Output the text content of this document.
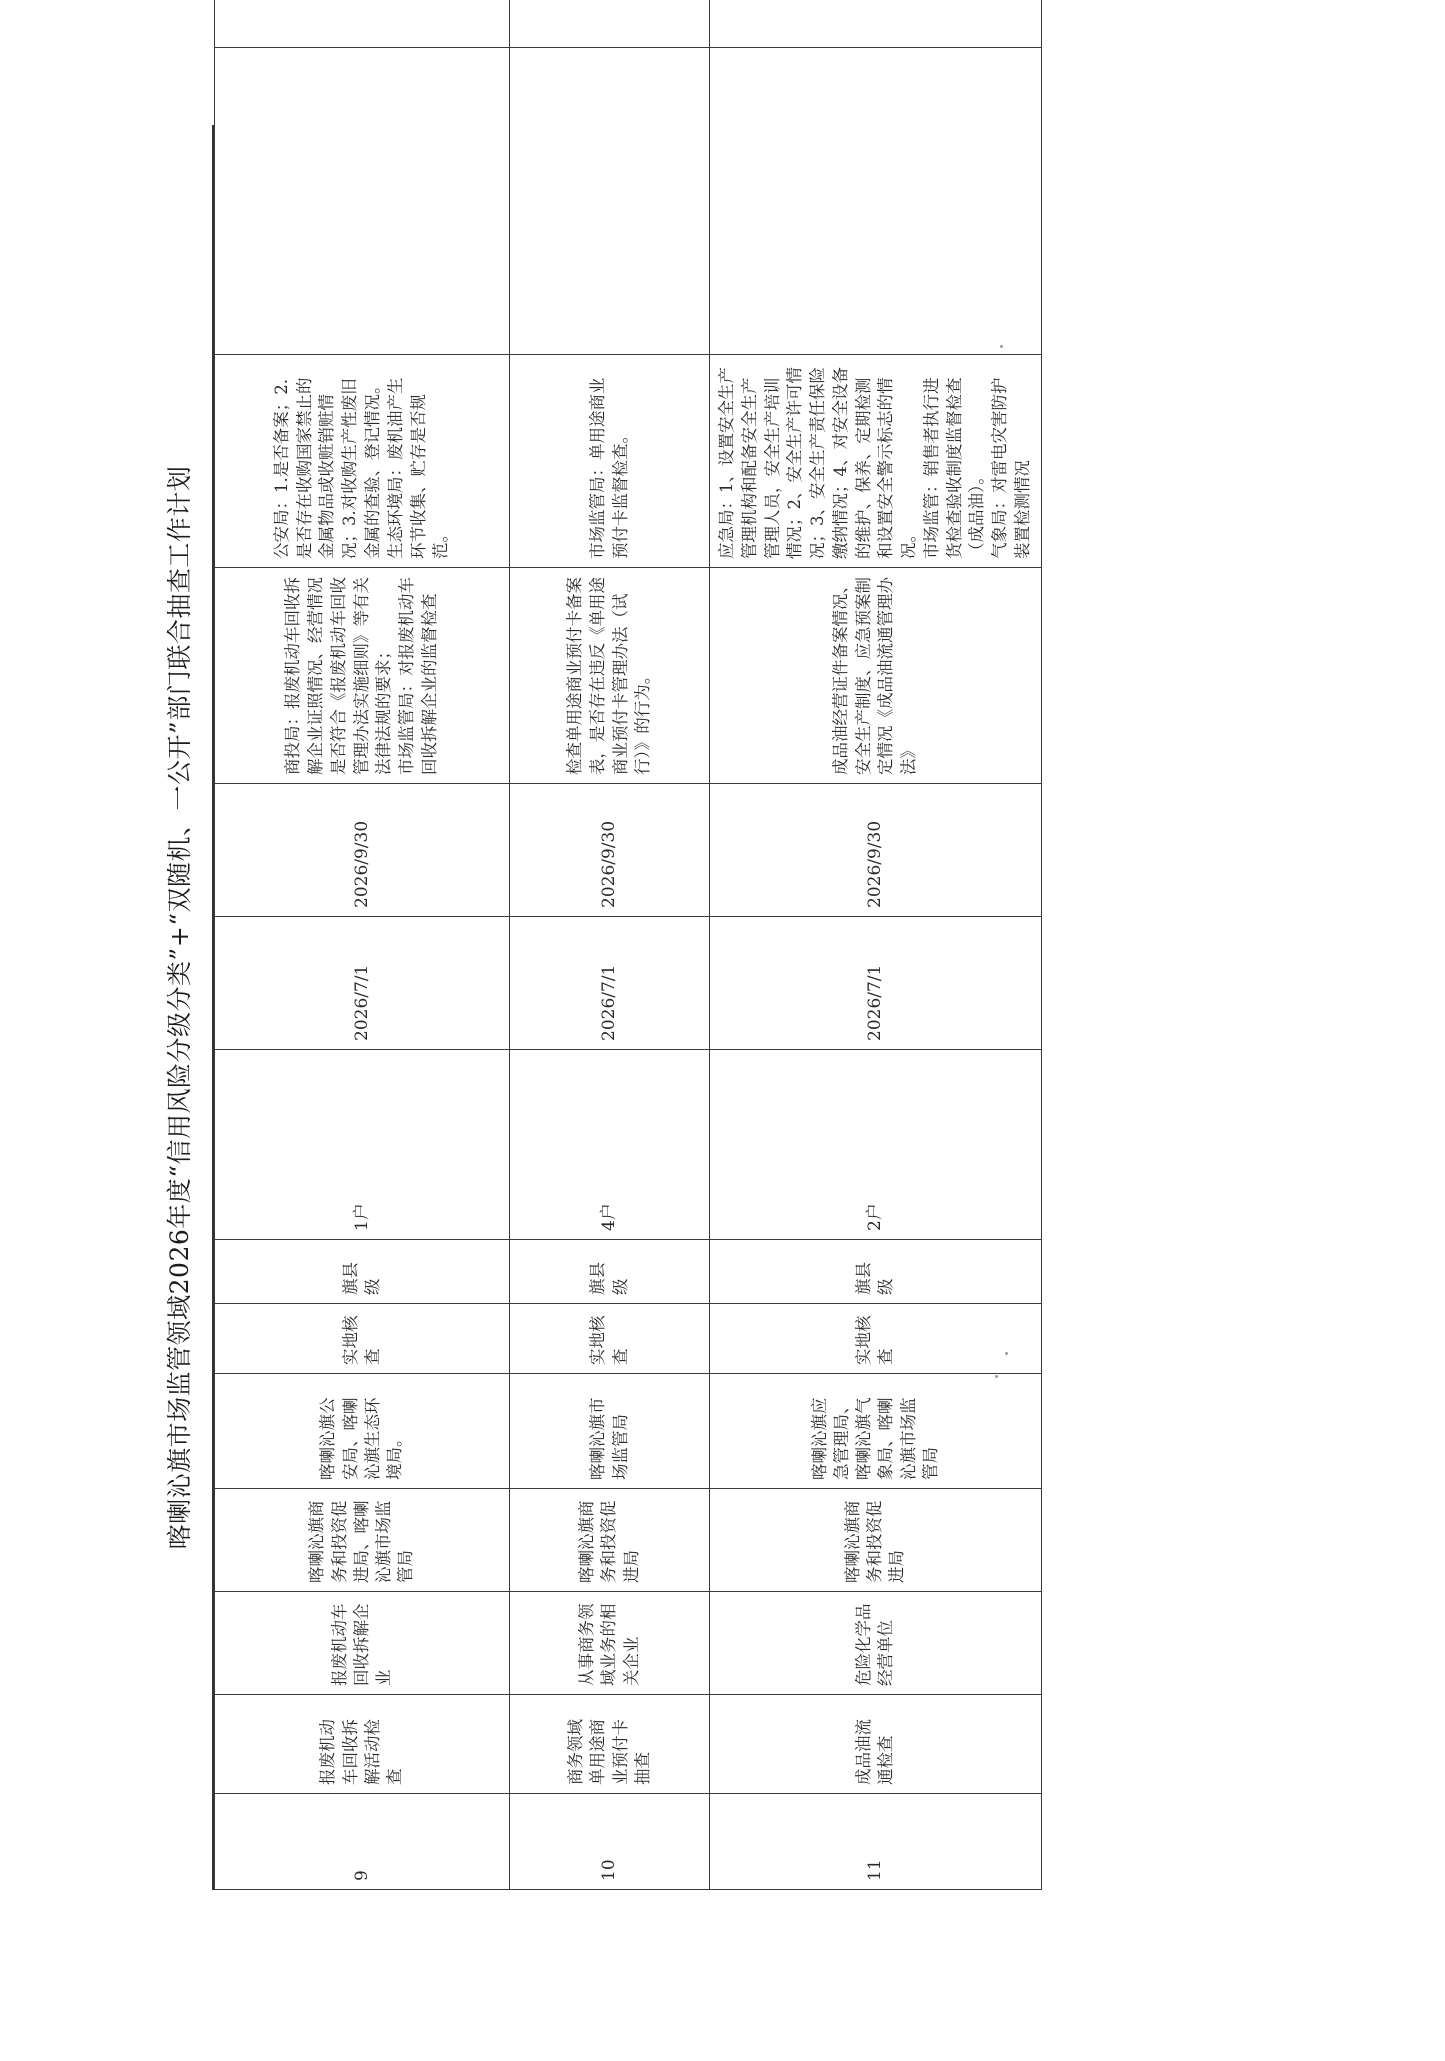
喀喇沁旗市场监管领域2026年度“信用风险分级分类”+“双随机、一公开”部门联合抽查工作计划
9	报废机动车回收拆解活动检查	报废机动车回收拆解企业	喀喇沁旗商务和投资促进局、喀喇沁旗市场监管局	喀喇沁旗公安局、喀喇沁旗生态环境局。	实地核查	旗县级	1户	2026/7/1	2026/9/30	商投局：报废机动车回收拆解企业证照情况、经营情况是否符合《报废机动车回收管理办法实施细则》等有关法律法规的要求；
市场监管局：对报废机动车回收拆解企业的监督检查	公安局：1.是否备案；2.是否存在收购国家禁止的金属物品或收赃销赃情况；3.对收购生产性废旧金属的查验、登记情况。
生态环境局：废机油产生环节收集、贮存是否规范。		
10	商务领域单用途商业预付卡抽查	从事商务领域业务的相关企业	喀喇沁旗商务和投资促进局	喀喇沁旗市场监管局	实地核查	旗县级	4户	2026/7/1	2026/9/30	检查单用途商业预付卡备案表，是否存在违反《单用途商业预付卡管理办法（试行）》的行为。	市场监管局：单用途商业预付卡监督检查。		
11	成品油流通检查	危险化学品经营单位	喀喇沁旗商务和投资促进局	喀喇沁旗应急管理局、喀喇沁旗气象局、喀喇沁旗市场监管局	实地核查	旗县级	2户	2026/7/1	2026/9/30	成品油经营证件备案情况、安全生产制度、应急预案制定情况《成品油流通管理办法》	应急局：1、设置安全生产管理机构和配备安全生产管理人员，安全生产培训情况；2、安全生产许可情况；3、安全生产责任保险缴纳情况；4、对安全设备的维护、保养、定期检测和设置安全警示标志的情况。
市场监管：销售者执行进货检查验收制度监督检查（成品油）。
气象局：对雷电灾害防护装置检测情况		
